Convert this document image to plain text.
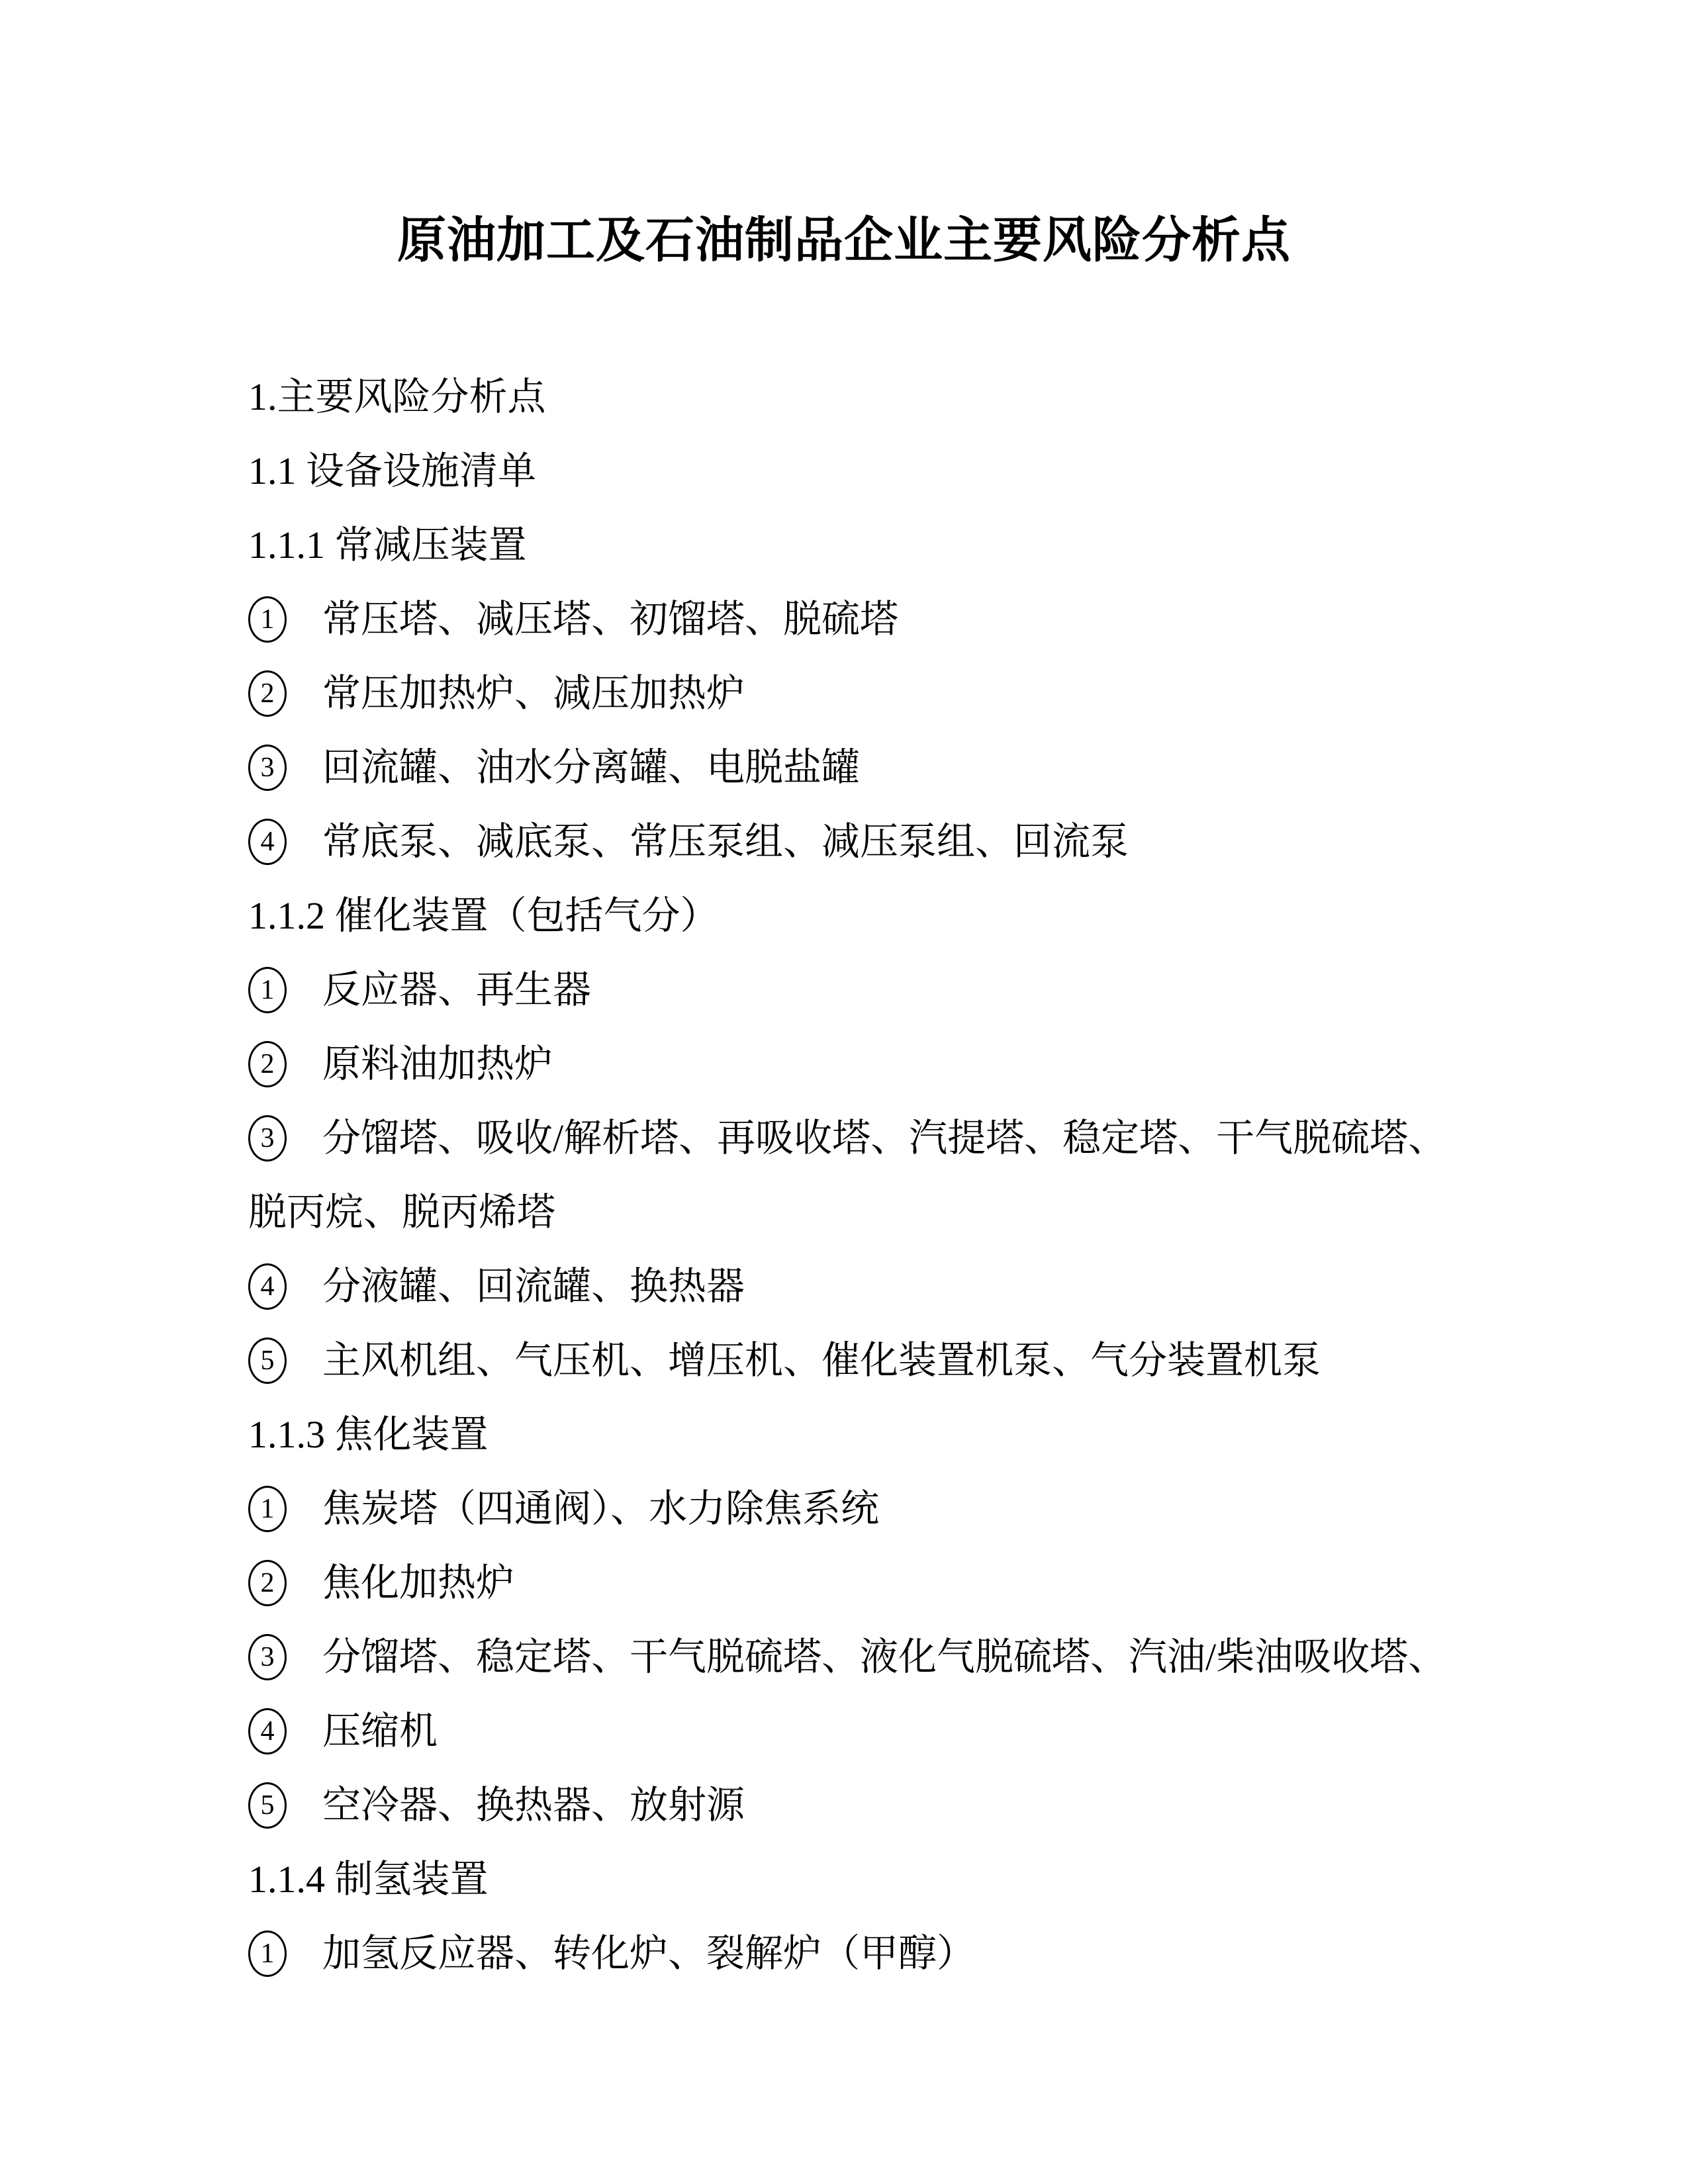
原油加工及石油制品企业主要风险分析点
1.主要风险分析点
1.1 设备设施清单
1.1.1 常减压装置
1	常压塔、减压塔、初馏塔、脱硫塔
2	常压加热炉、减压加热炉
3	回流罐、油水分离罐、电脱盐罐
4	常底泵、减底泵、常压泵组、减压泵组、回流泵
1.1.2 催化装置（包括气分）
1	反应器、再生器
2	原料油加热炉
3	分馏塔、吸收/解析塔、再吸收塔、汽提塔、稳定塔、干气脱硫塔、
脱丙烷、脱丙烯塔
4	分液罐、回流罐、换热器
5	主风机组、气压机、增压机、催化装置机泵、气分装置机泵
1.1.3 焦化装置
1	焦炭塔（四通阀）、水力除焦系统
2	焦化加热炉
3	分馏塔、稳定塔、干气脱硫塔、液化气脱硫塔、汽油/柴油吸收塔、
4	压缩机
5	空冷器、换热器、放射源
1.1.4 制氢装置
1	加氢反应器、转化炉、裂解炉（甲醇）
